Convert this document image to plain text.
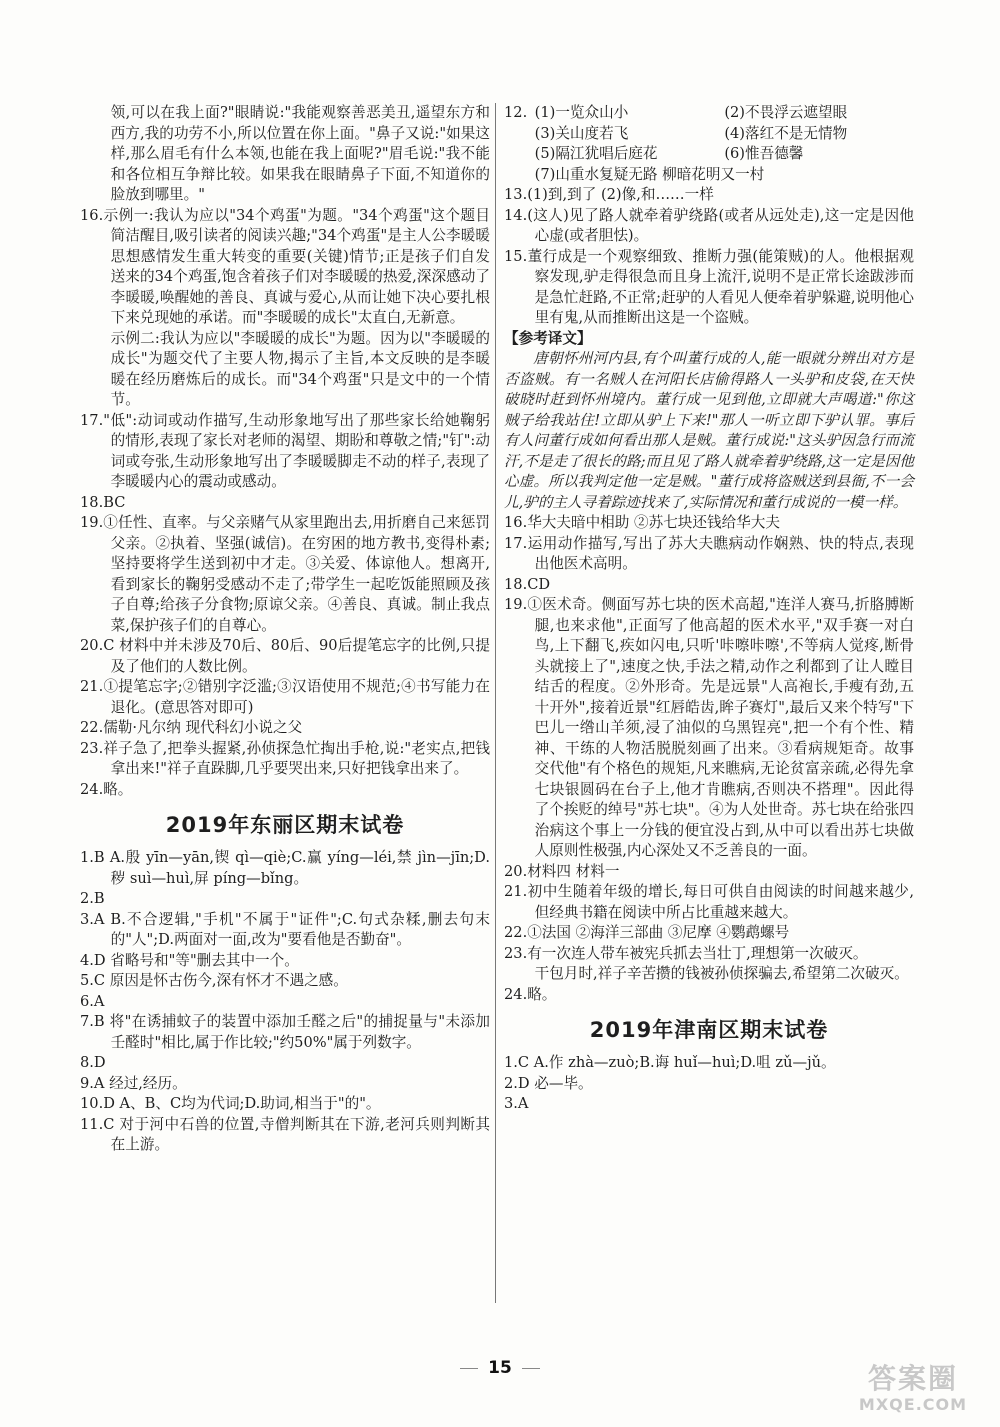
领,可以在我上面?"眼睛说:"我能观察善恶美丑,遥望东方和西方,我的功劳不小,所以位置在你上面。"鼻子又说:"如果这样,那么眉毛有什么本领,也能在我上面呢?"眉毛说:"我不能和各位相互争辩比较。如果我在眼睛鼻子下面,不知道你的脸放到哪里。"

16.示例一:我认为应以"34个鸡蛋"为题。"34个鸡蛋"这个题目简洁醒目,吸引读者的阅读兴趣;"34个鸡蛋"是主人公李暖暖思想感情发生重大转变的重要(关键)情节;正是孩子们自发送来的34个鸡蛋,饱含着孩子们对李暖暖的热爱,深深感动了李暖暖,唤醒她的善良、真诚与爱心,从而让她下决心要扎根下来兑现她的承诺。而"李暖暖的成长"太直白,无新意。

示例二:我认为应以"李暖暖的成长"为题。因为以"李暖暖的成长"为题交代了主要人物,揭示了主旨,本文反映的是李暖暖在经历磨炼后的成长。而"34个鸡蛋"只是文中的一个情节。

17."低":动词或动作描写,生动形象地写出了那些家长给她鞠躬的情形,表现了家长对老师的渴望、期盼和尊敬之情;"钉":动词或夸张,生动形象地写出了李暖暖脚走不动的样子,表现了李暖暖内心的震动或感动。

18.BC

19.①任性、直率。与父亲赌气从家里跑出去,用折磨自己来惩罚父亲。②执着、坚强(诚信)。在穷困的地方教书,变得朴素;坚持要将学生送到初中才走。③关爱、体谅他人。想离开,看到家长的鞠躬受感动不走了;带学生一起吃饭能照顾及孩子自尊;给孩子分食物;原谅父亲。④善良、真诚。制止我点菜,保护孩子们的自尊心。

20.C 材料中并未涉及70后、80后、90后提笔忘字的比例,只提及了他们的人数比例。

21.①提笔忘字;②错别字泛滥;③汉语使用不规范;④书写能力在退化。(意思答对即可)

22.儒勒·凡尔纳 现代科幻小说之父

23.祥子急了,把拳头握紧,孙侦探急忙掏出手枪,说:"老实点,把钱拿出来!"祥子直跺脚,几乎要哭出来,只好把钱拿出来了。

24.略。

2019年东丽区期末试卷

1.B A.殷 yīn—yān,锲 qì—qiè;C.赢 yíng—léi,禁 jìn—jīn;D.秽 suì—huì,屏 píng—bǐng。

2.B

3.A B.不合逻辑,"手机"不属于"证件";C.句式杂糅,删去句末的"人";D.两面对一面,改为"要看他是否勤奋"。

4.D 省略号和"等"删去其中一个。

5.C 原因是怀古伤今,深有怀才不遇之感。

6.A

7.B 将"在诱捕蚊子的装置中添加壬醛之后"的捕捉量与"未添加壬醛时"相比,属于作比较;"约50%"属于列数字。

8.D

9.A 经过,经历。

10.D A、B、C均为代词;D.助词,相当于"的"。

11.C 对于河中石兽的位置,寺僧判断其在下游,老河兵则判断其在上游。

12. (1)一览众山小	(2)不畏浮云遮望眼
(3)关山度若飞	(4)落红不是无情物
(5)隔江犹唱后庭花	(6)惟吾德馨

(7)山重水复疑无路 柳暗花明又一村

13.(1)到,到了 (2)像,和……一样

14.(这人)见了路人就牵着驴绕路(或者从远处走),这一定是因他心虚(或者胆怯)。

15.董行成是一个观察细致、推断力强(能策贼)的人。他根据观察发现,驴走得很急而且身上流汗,说明不是正常长途跋涉而是急忙赶路,不正常;赶驴的人看见人便牵着驴躲避,说明他心里有鬼,从而推断出这是一个盗贼。

【参考译文】

唐朝怀州河内县,有个叫董行成的人,能一眼就分辨出对方是否盗贼。有一名贼人在河阳长店偷得路人一头驴和皮袋,在天快破晓时赶到怀州境内。董行成一见到他,立即就大声喝道:"你这贼子给我站住!立即从驴上下来!"那人一听立即下驴认罪。事后有人问董行成如何看出那人是贼。董行成说:"这头驴因急行而流汗,不是走了很长的路;而且见了路人就牵着驴绕路,这一定是因他心虚。所以我判定他一定是贼。"董行成将盗贼送到县衙,不一会儿,驴的主人寻着踪迹找来了,实际情况和董行成说的一模一样。

16.华大夫暗中相助 ②苏七块还钱给华大夫

17.运用动作描写,写出了苏大夫瞧病动作娴熟、快的特点,表现出他医术高明。

18.CD

19.①医术奇。侧面写苏七块的医术高超,"连洋人赛马,折胳膊断腿,也来求他",正面写了他高超的医术水平,"双手赛一对白鸟,上下翻飞,疾如闪电,只听'咔嚓咔嚓',不等病人觉疼,断骨头就接上了",速度之快,手法之精,动作之利都到了让人瞠目结舌的程度。②外形奇。先是远景"人高袍长,手瘦有劲,五十开外",接着近景"红唇皓齿,眸子赛灯",最后又来个特写"下巴儿一绺山羊须,浸了油似的乌黑锃亮",把一个有个性、精神、干练的人物活脱脱刻画了出来。③看病规矩奇。故事交代他"有个格色的规矩,凡来瞧病,无论贫富亲疏,必得先拿七块银圆码在台子上,他才肯瞧病,否则决不搭理"。因此得了个挨贬的绰号"苏七块"。④为人处世奇。苏七块在给张四治病这个事上一分钱的便宜没占到,从中可以看出苏七块做人原则性极强,内心深处又不乏善良的一面。

20.材料四 材料一

21.初中生随着年级的增长,每日可供自由阅读的时间越来越少,但经典书籍在阅读中所占比重越来越大。

22.①法国 ②海洋三部曲 ③尼摩 ④鹦鹉螺号

23.有一次连人带车被宪兵抓去当壮丁,理想第一次破灭。

干包月时,祥子辛苦攒的钱被孙侦探骗去,希望第二次破灭。

24.略。

2019年津南区期末试卷

1.C A.作 zhà—zuò;B.诲 huǐ—huì;D.咀 zǔ—jǔ。

2.D 必—毕。

3.A

15	答案圈
MXQE.COM
